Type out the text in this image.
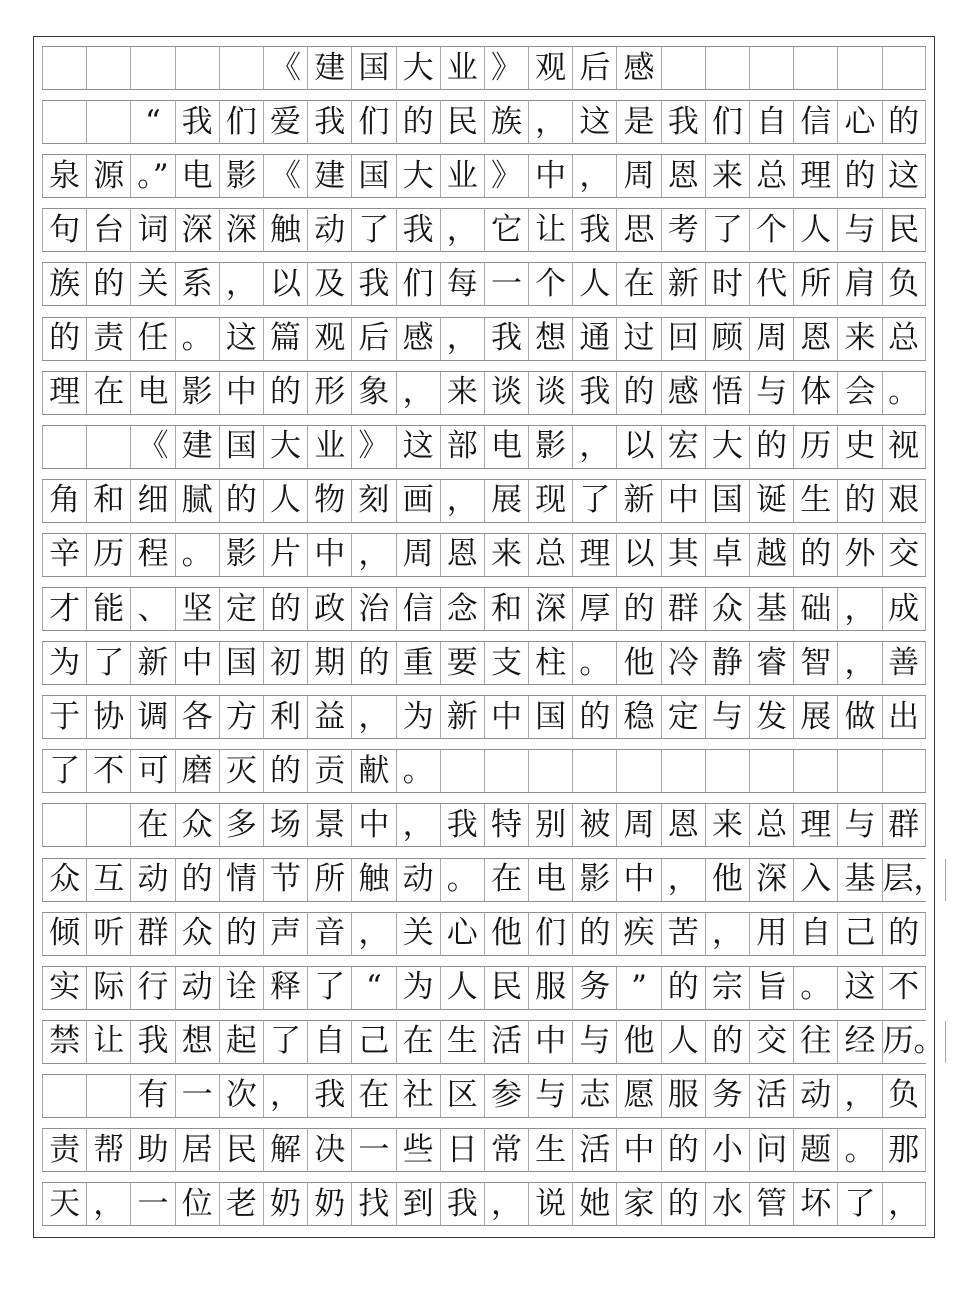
《 建 国 大 业 》 观 后 感
“ 我 们 爱 我 们 的 民 族 ， 这 是 我 们 自 信 心 的
泉 源 。” 电 影 《 建 国 大 业 》 中 ， 周 恩 来 总 理 的 这
句 台 词 深 深 触 动 了 我 ， 它 让 我 思 考 了 个 人 与 民
族 的 关 系 ， 以 及 我 们 每 一 个 人 在 新 时 代 所 肩 负
的 责 任 。 这 篇 观 后 感 ， 我 想 通 过 回 顾 周 恩 来 总
理 在 电 影 中 的 形 象 ， 来 谈 谈 我 的 感 悟 与 体 会 。
《 建 国 大 业 》 这 部 电 影 ， 以 宏 大 的 历 史 视
角 和 细 腻 的 人 物 刻 画 ， 展 现 了 新 中 国 诞 生 的 艰
辛 历 程 。 影 片 中 ， 周 恩 来 总 理 以 其 卓 越 的 外 交
才 能 、 坚 定 的 政 治 信 念 和 深 厚 的 群 众 基 础 ， 成
为 了 新 中 国 初 期 的 重 要 支 柱 。 他 冷 静 睿 智 ， 善
于 协 调 各 方 利 益 ， 为 新 中 国 的 稳 定 与 发 展 做 出
了 不 可 磨 灭 的 贡 献 。
在 众 多 场 景 中 ， 我 特 别 被 周 恩 来 总 理 与 群
众 互 动 的 情 节 所 触 动 。 在 电 影 中 ， 他 深 入 基 层，
倾 听 群 众 的 声 音 ， 关 心 他 们 的 疾 苦 ， 用 自 己 的
实 际 行 动 诠 释 了 “ 为 人 民 服 务 ” 的 宗 旨 。 这 不
禁 让 我 想 起 了 自 己 在 生 活 中 与 他 人 的 交 往 经 历。
有 一 次 ， 我 在 社 区 参 与 志 愿 服 务 活 动 ， 负
责 帮 助 居 民 解 决 一 些 日 常 生 活 中 的 小 问 题 。 那
天 ， 一 位 老 奶 奶 找 到 我 ， 说 她 家 的 水 管 坏 了 ，
